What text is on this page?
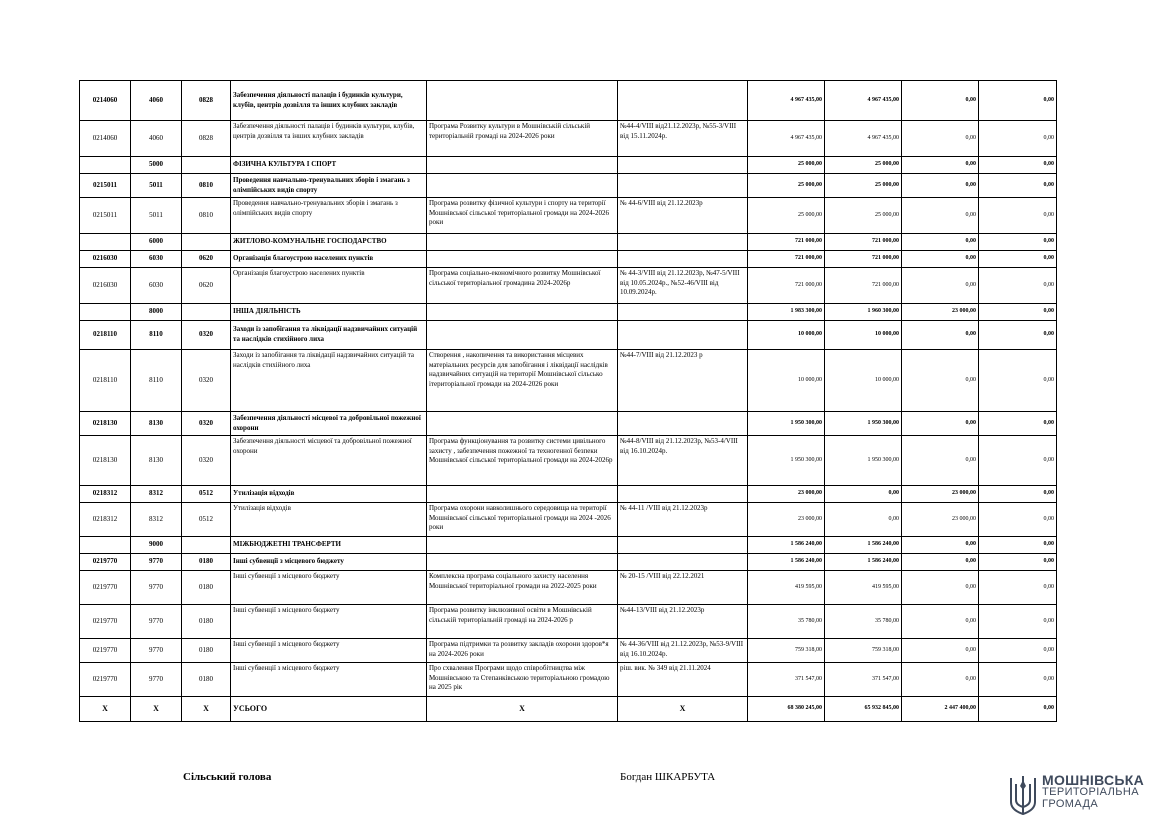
0214060	4060	0828	Забезпечення діяльності палаців i будинків культури, клубів, центрів дозвілля та iнших клубних закладів			4 967 435,00	4 967 435,00	0,00	0,00
0214060	4060	0828	Забезпечення діяльності палаців i будинків культури, клубів, центрів дозвілля та iнших клубних закладів	Програма Розвитку культури в Мошнівській сільській територіальній громаді на 2024-2026 роки	№44-4/VIII від21.12.2023р, №55-3/VIII від 15.11.2024р.	4 967 435,00	4 967 435,00	0,00	0,00
	5000		ФІЗИЧНА КУЛЬТУРА І СПОРТ			25 000,00	25 000,00	0,00	0,00
0215011	5011	0810	Проведення навчально-тренувальних зборів і змагань з олімпійських видів спорту			25 000,00	25 000,00	0,00	0,00
0215011	5011	0810	Проведення навчально-тренувальних зборів і змагань з олімпійських видів спорту	Програма розвитку фізичної культури і спорту на території Мошнівської сільської територіальної громади на 2024-2026 роки	№ 44-6/VIII від 21.12.2023р	25 000,00	25 000,00	0,00	0,00
	6000		ЖИТЛОВО-КОМУНАЛЬНЕ ГОСПОДАРСТВО			721 000,00	721 000,00	0,00	0,00
0216030	6030	0620	Організація благоустрою населених пунктів			721 000,00	721 000,00	0,00	0,00
0216030	6030	0620	Організація благоустрою населених пунктів	Програма соціально-економічного розвитку Мошнівської сільської територіальної громадина 2024-2026р	№ 44-3/VIII від 21.12.2023р, №47-5/VIII від 10.05.2024р., №52-46/VIII від 10.09.2024р.	721 000,00	721 000,00	0,00	0,00
	8000		ІНША ДІЯЛЬНІСТЬ			1 983 300,00	1 960 300,00	23 000,00	0,00
0218110	8110	0320	Заходи із запобігання та ліквідації надзвичайних ситуацій та наслідків стихійного лиха			10 000,00	10 000,00	0,00	0,00
0218110	8110	0320	Заходи із запобігання та ліквідації надзвичайних ситуацій та наслідків стихійного лиха	Створення , накопичення та використання місцевих матеріальних ресурсів для запобігання і ліквідації наслідків надзвичайних ситуацій на території Мошнівської сільсько ітериторіальної громади на 2024-2026 роки	№44-7/VIII від 21.12.2023 р	10 000,00	10 000,00	0,00	0,00
0218130	8130	0320	Забезпечення діяльності місцевої та добровільної пожежної охорони			1 950 300,00	1 950 300,00	0,00	0,00
0218130	8130	0320	Забезпечення діяльності місцевої та добровільної пожежної охорони	Програма функціонування та розвитку системи цивільного захисту , забезпечення пожежної та техногенної безпеки Мошнівської сільської територіальної громади на 2024-2026р	№44-8/VIII від 21.12.2023р, №53-4/VIII від 16.10.2024р.	1 950 300,00	1 950 300,00	0,00	0,00
0218312	8312	0512	Утилізація відходів			23 000,00	0,00	23 000,00	0,00
0218312	8312	0512	Утилізація відходів	Програма охорони навколишнього середовища на території Мошнівської сільської територіальної громади на 2024 -2026 роки	№ 44-11 /VIII від 21.12.2023р	23 000,00	0,00	23 000,00	0,00
	9000		МІЖБЮДЖЕТНІ ТРАНСФЕРТИ			1 586 240,00	1 586 240,00	0,00	0,00
0219770	9770	0180	Інші субвенції з місцевого бюджету			1 586 240,00	1 586 240,00	0,00	0,00
0219770	9770	0180	Інші субвенції з місцевого бюджету	Комплексна програма соціального захисту населення Мошнівської територіальної громади на 2022-2025 роки	№ 20-15 /VIII від 22.12.2021	419 595,00	419 595,00	0,00	0,00
0219770	9770	0180	Інші субвенції з місцевого бюджету	Програма розвитку інклюзивної освіти в Мошнівській сільській територіальній громаді на 2024-2026 р	№44-13/VIII від 21.12.2023р	35 780,00	35 780,00	0,00	0,00
0219770	9770	0180	Інші субвенції з місцевого бюджету	Програма підтримки та розвитку закладів охорони здоров*я на 2024-2026 роки	№ 44-36/VIII від 21.12.2023р, №53-9/VIII від 16.10.2024р.	759 318,00	759 318,00	0,00	0,00
0219770	9770	0180	Інші субвенції з місцевого бюджету	Про схвалення Програми щодо співробітництва між Мошнівською та Степанківською територіальною громадою на 2025 рік	ріш. вик. № 349 від 21.11.2024	371 547,00	371 547,00	0,00	0,00
X	X	X	УСЬОГО	X	X	68 380 245,00	65 932 845,00	2 447 400,00	0,00
Сільський голова	Богдан ШКАРБУТА	МОШНІВСЬКА
ТЕРИТОРІАЛЬНА
ГРОМАДА
